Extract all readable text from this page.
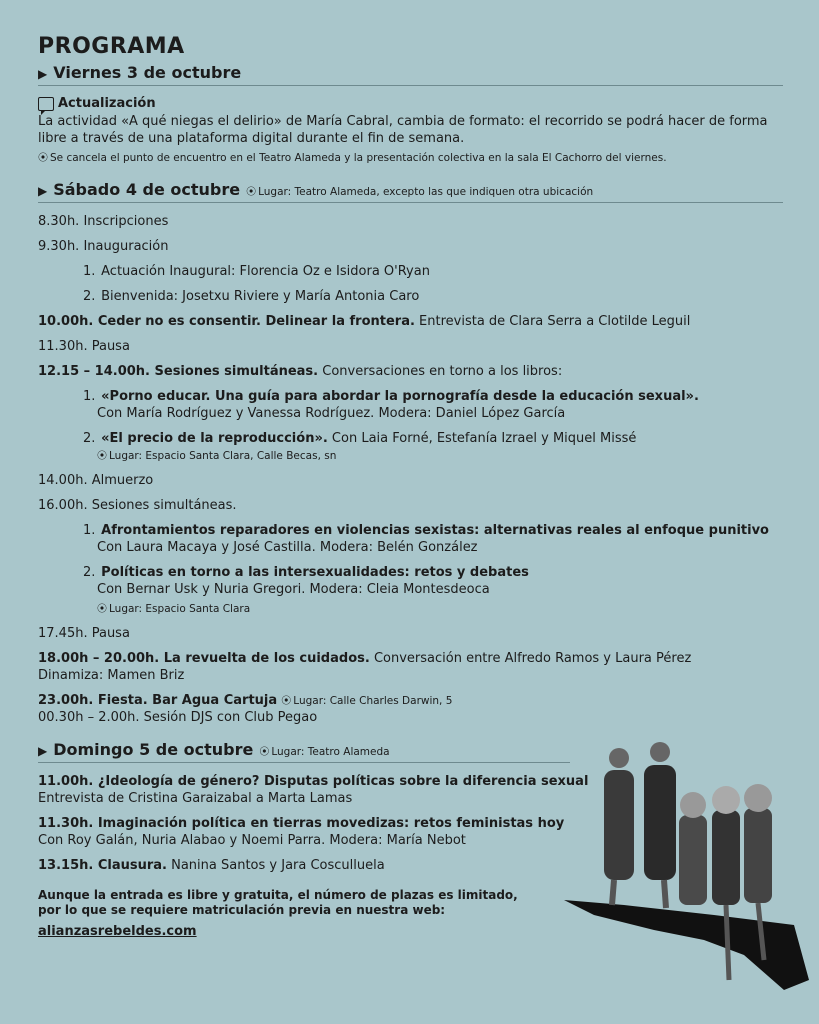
PROGRAMA
▶ Viernes 3 de octubre
Actualización
La actividad «A qué niegas el delirio» de María Cabral, cambia de formato: el recorrido se podrá hacer de forma libre a través de una plataforma digital durante el fin de semana.
⦿ Se cancela el punto de encuentro en el Teatro Alameda y la presentación colectiva en la sala El Cachorro del viernes.
▶ Sábado 4 de octubre ⦿ Lugar: Teatro Alameda, excepto las que indiquen otra ubicación
8.30h. Inscripciones
9.30h. Inauguración
1. Actuación Inaugural: Florencia Oz e Isidora O'Ryan
2. Bienvenida: Josetxu Riviere y María Antonia Caro
10.00h. Ceder no es consentir. Delinear la frontera. Entrevista de Clara Serra a Clotilde Leguil
11.30h. Pausa
12.15 – 14.00h. Sesiones simultáneas. Conversaciones en torno a los libros:
1. «Porno educar. Una guía para abordar la pornografía desde la educación sexual».
Con María Rodríguez y Vanessa Rodríguez. Modera: Daniel López García
2. «El precio de la reproducción». Con Laia Forné, Estefanía Izrael y Miquel Missé
⦿ Lugar: Espacio Santa Clara, Calle Becas, sn
14.00h. Almuerzo
16.00h. Sesiones simultáneas.
1. Afrontamientos reparadores en violencias sexistas: alternativas reales al enfoque punitivo
Con Laura Macaya y José Castilla. Modera: Belén González
2. Políticas en torno a las intersexualidades: retos y debates
Con Bernar Usk y Nuria Gregori. Modera: Cleia Montesdeoca
⦿ Lugar: Espacio Santa Clara
17.45h. Pausa
18.00h – 20.00h. La revuelta de los cuidados. Conversación entre Alfredo Ramos y Laura Pérez
Dinamiza: Mamen Briz
23.00h. Fiesta. Bar Agua Cartuja ⦿ Lugar: Calle Charles Darwin, 5
00.30h – 2.00h. Sesión DJS con Club Pegao
▶ Domingo 5 de octubre ⦿ Lugar: Teatro Alameda
11.00h. ¿Ideología de género? Disputas políticas sobre la diferencia sexual
Entrevista de Cristina Garaizabal a Marta Lamas
11.30h. Imaginación política en tierras movedizas: retos feministas hoy
Con Roy Galán, Nuria Alabao y Noemi Parra. Modera: María Nebot
13.15h. Clausura. Nanina Santos y Jara Cosculluela
Aunque la entrada es libre y gratuita, el número de plazas es limitado,
por lo que se requiere matriculación previa en nuestra web:
alianzasrebeldes.com
